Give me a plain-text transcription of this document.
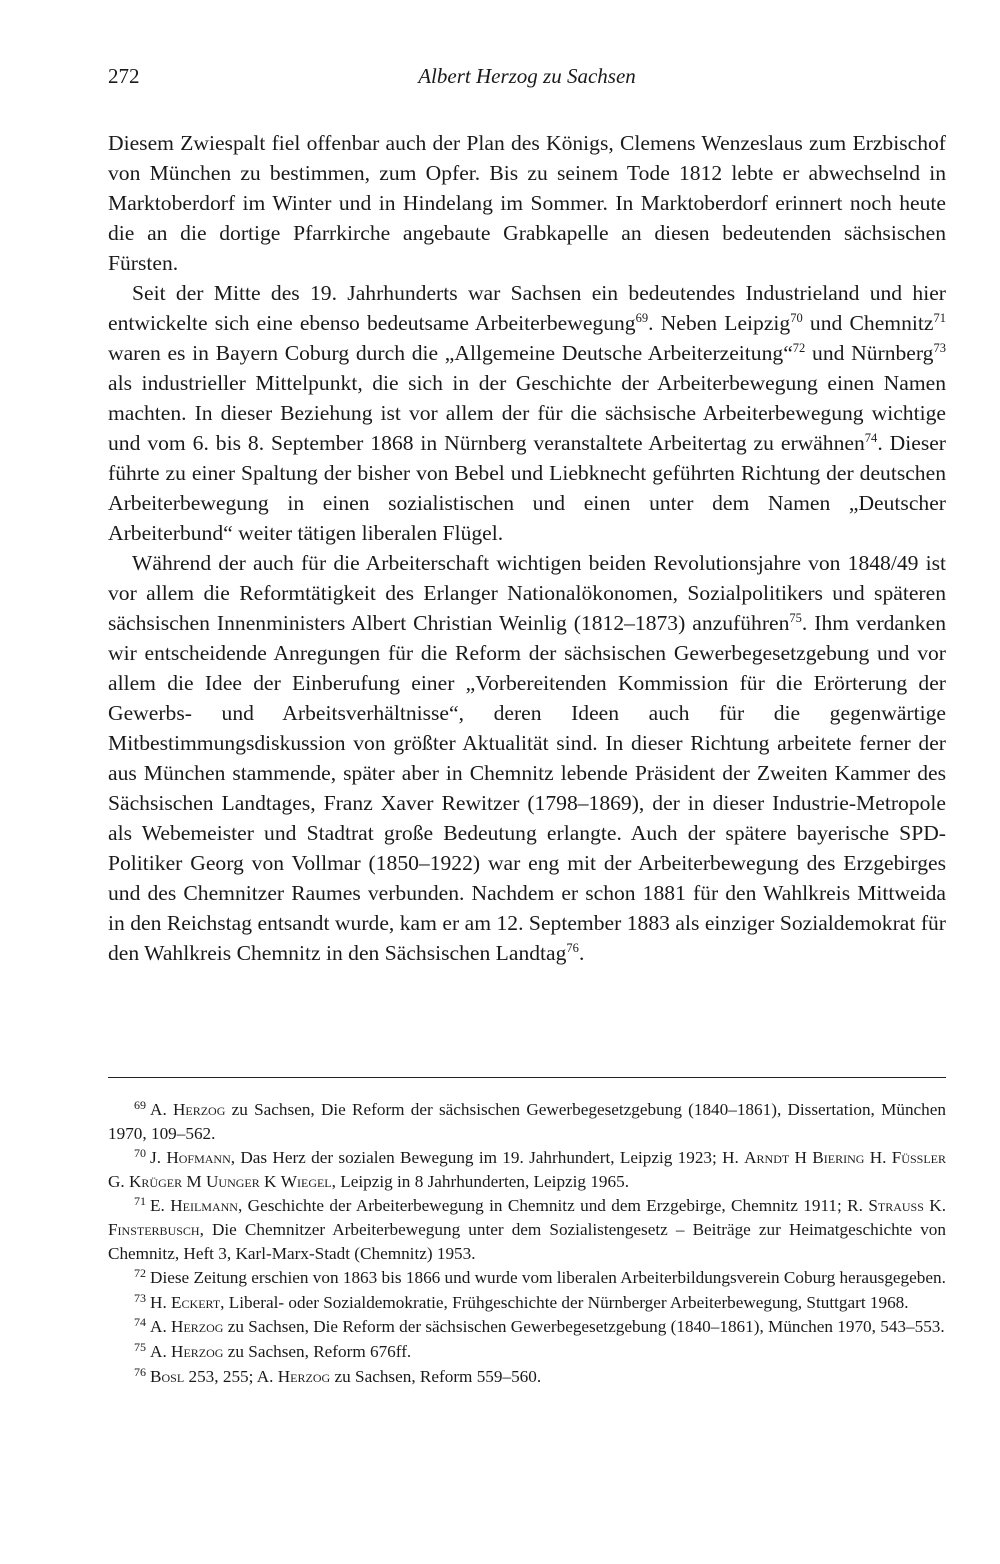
272	Albert Herzog zu Sachsen

Diesem Zwiespalt fiel offenbar auch der Plan des Königs, Clemens Wenzeslaus zum Erzbischof von München zu bestimmen, zum Opfer. Bis zu seinem Tode 1812 lebte er abwechselnd in Marktoberdorf im Winter und in Hindelang im Sommer. In Marktoberdorf erinnert noch heute die an die dortige Pfarrkirche angebaute Grabkapelle an diesen bedeutenden sächsischen Fürsten.

Seit der Mitte des 19. Jahrhunderts war Sachsen ein bedeutendes Industrieland und hier entwickelte sich eine ebenso bedeutsame Arbeiterbewegung$^{69}$. Neben Leipzig$^{70}$ und Chemnitz$^{71}$ waren es in Bayern Coburg durch die „Allgemeine Deutsche Arbeiterzeitung“$^{72}$ und Nürnberg$^{73}$ als industrieller Mittelpunkt, die sich in der Geschichte der Arbeiterbewegung einen Namen machten. In dieser Beziehung ist vor allem der für die sächsische Arbeiterbewegung wichtige und vom 6. bis 8. September 1868 in Nürnberg veranstaltete Arbeitertag zu erwähnen$^{74}$. Dieser führte zu einer Spaltung der bisher von Bebel und Liebknecht geführten Richtung der deutschen Arbeiterbewegung in einen sozialistischen und einen unter dem Namen „Deutscher Arbeiterbund“ weiter tätigen liberalen Flügel.

Während der auch für die Arbeiterschaft wichtigen beiden Revolutionsjahre von 1848/49 ist vor allem die Reformtätigkeit des Erlanger Nationalökonomen, Sozialpolitikers und späteren sächsischen Innenministers Albert Christian Weinlig (1812–1873) anzuführen$^{75}$. Ihm verdanken wir entscheidende Anregungen für die Reform der sächsischen Gewerbegesetzgebung und vor allem die Idee der Einberufung einer „Vorbereitenden Kommission für die Erörterung der Gewerbs- und Arbeitsverhältnisse“, deren Ideen auch für die gegenwärtige Mitbestimmungsdiskussion von größter Aktualität sind. In dieser Richtung arbeitete ferner der aus München stammende, später aber in Chemnitz lebende Präsident der Zweiten Kammer des Sächsischen Landtages, Franz Xaver Rewitzer (1798–1869), der in dieser Industrie-Metropole als Webemeister und Stadtrat große Bedeutung erlangte. Auch der spätere bayerische SPD-Politiker Georg von Vollmar (1850–1922) war eng mit der Arbeiterbewegung des Erzgebirges und des Chemnitzer Raumes verbunden. Nachdem er schon 1881 für den Wahlkreis Mittweida in den Reichstag entsandt wurde, kam er am 12. September 1883 als einziger Sozialdemokrat für den Wahlkreis Chemnitz in den Sächsischen Landtag$^{76}$.

$^{69}$ A. Herzog zu Sachsen, Die Reform der sächsischen Gewerbegesetzgebung (1840–1861), Dissertation, München 1970, 109–562.

$^{70}$ J. Hofmann, Das Herz der sozialen Bewegung im 19. Jahrhundert, Leipzig 1923; H. Arndt H Biering H. Füssler G. Krüger M Uunger K Wiegel, Leipzig in 8 Jahrhunderten, Leipzig 1965.

$^{71}$ E. Heilmann, Geschichte der Arbeiterbewegung in Chemnitz und dem Erzgebirge, Chemnitz 1911; R. Strauss K. Finsterbusch, Die Chemnitzer Arbeiterbewegung unter dem Sozialistengesetz – Beiträge zur Heimatgeschichte von Chemnitz, Heft 3, Karl-Marx-Stadt (Chemnitz) 1953.

$^{72}$ Diese Zeitung erschien von 1863 bis 1866 und wurde vom liberalen Arbeiterbildungsverein Coburg herausgegeben.

$^{73}$ H. Eckert, Liberal- oder Sozialdemokratie, Frühgeschichte der Nürnberger Arbeiterbewegung, Stuttgart 1968.

$^{74}$ A. Herzog zu Sachsen, Die Reform der sächsischen Gewerbegesetzgebung (1840–1861), München 1970, 543–553.

$^{75}$ A. Herzog zu Sachsen, Reform 676ff.

$^{76}$ Bosl 253, 255; A. Herzog zu Sachsen, Reform 559–560.
